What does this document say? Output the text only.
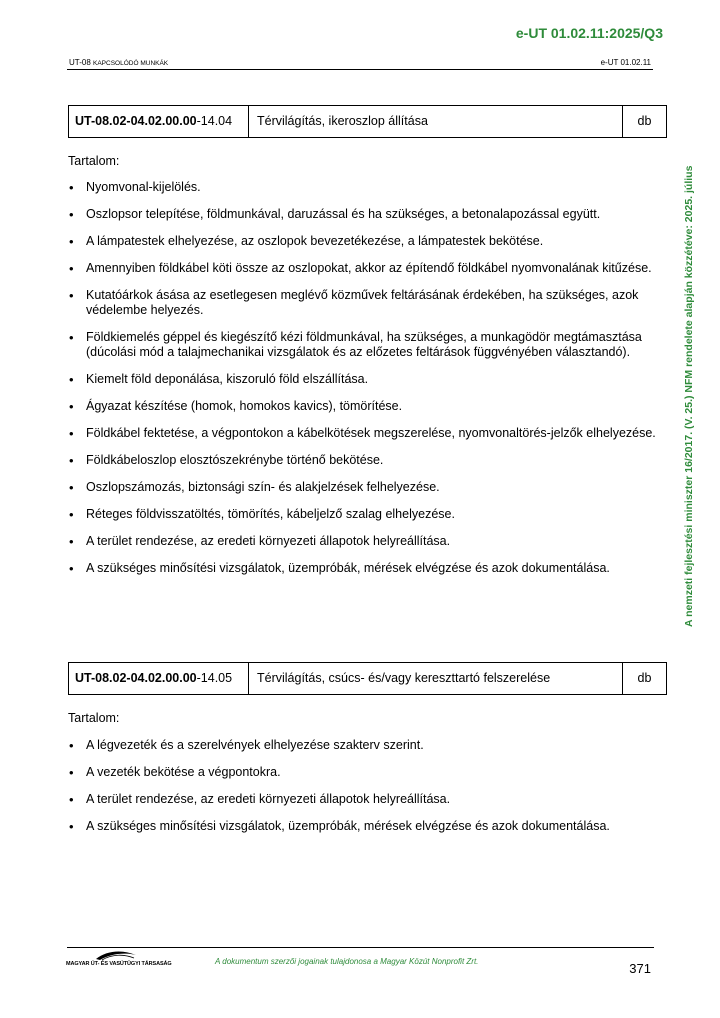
e-UT 01.02.11:2025/Q3
UT-08 KAPCSOLÓDÓ MUNKÁK	e-UT 01.02.11
A nemzeti fejlesztési miniszter 16/2017. (V. 25.) NFM rendelete alapján közzétéve: 2025. július
UT-08.02-04.02.00.00-14.04	Térvilágítás, ikeroszlop állítása	db
Tartalom:
• Nyomvonal-kijelölés.
• Oszlopsor telepítése, földmunkával, daruzással és ha szükséges, a betonalapozással együtt.
• A lámpatestek elhelyezése, az oszlopok bevezetékezése, a lámpatestek bekötése.
• Amennyiben földkábel köti össze az oszlopokat, akkor az építendő földkábel nyomvonalának kitűzése.
• Kutatóárkok ásása az esetlegesen meglévő közművek feltárásának érdekében, ha szükséges, azok védelembe helyezés.
• Földkiemelés géppel és kiegészítő kézi földmunkával, ha szükséges, a munkagödör megtámasztása (dúcolási mód a talajmechanikai vizsgálatok és az előzetes feltárások függvényében választandó).
• Kiemelt föld deponálása, kiszoruló föld elszállítása.
• Ágyazat készítése (homok, homokos kavics), tömörítése.
• Földkábel fektetése, a végpontokon a kábelkötések megszerelése, nyomvonaltörés-jelzők elhelyezése.
• Földkábeloszlop elosztószekrénybe történő bekötése.
• Oszlopszámozás, biztonsági szín- és alakjelzések felhelyezése.
• Réteges földvisszatöltés, tömörítés, kábeljelző szalag elhelyezése.
• A terület rendezése, az eredeti környezeti állapotok helyreállítása.
• A szükséges minősítési vizsgálatok, üzempróbák, mérések elvégzése és azok dokumentálása.
UT-08.02-04.02.00.00-14.05	Térvilágítás, csúcs- és/vagy kereszttartó felszerelése	db
Tartalom:
• A légvezeték és a szerelvények elhelyezése szakterv szerint.
• A vezeték bekötése a végpontokra.
• A terület rendezése, az eredeti környezeti állapotok helyreállítása.
• A szükséges minősítési vizsgálatok, üzempróbák, mérések elvégzése és azok dokumentálása.
MAGYAR ÚT- ÉS VASÚTÜGYI TÁRSASÁG	A dokumentum szerzői jogainak tulajdonosa a Magyar Közút Nonprofit Zrt.	371
